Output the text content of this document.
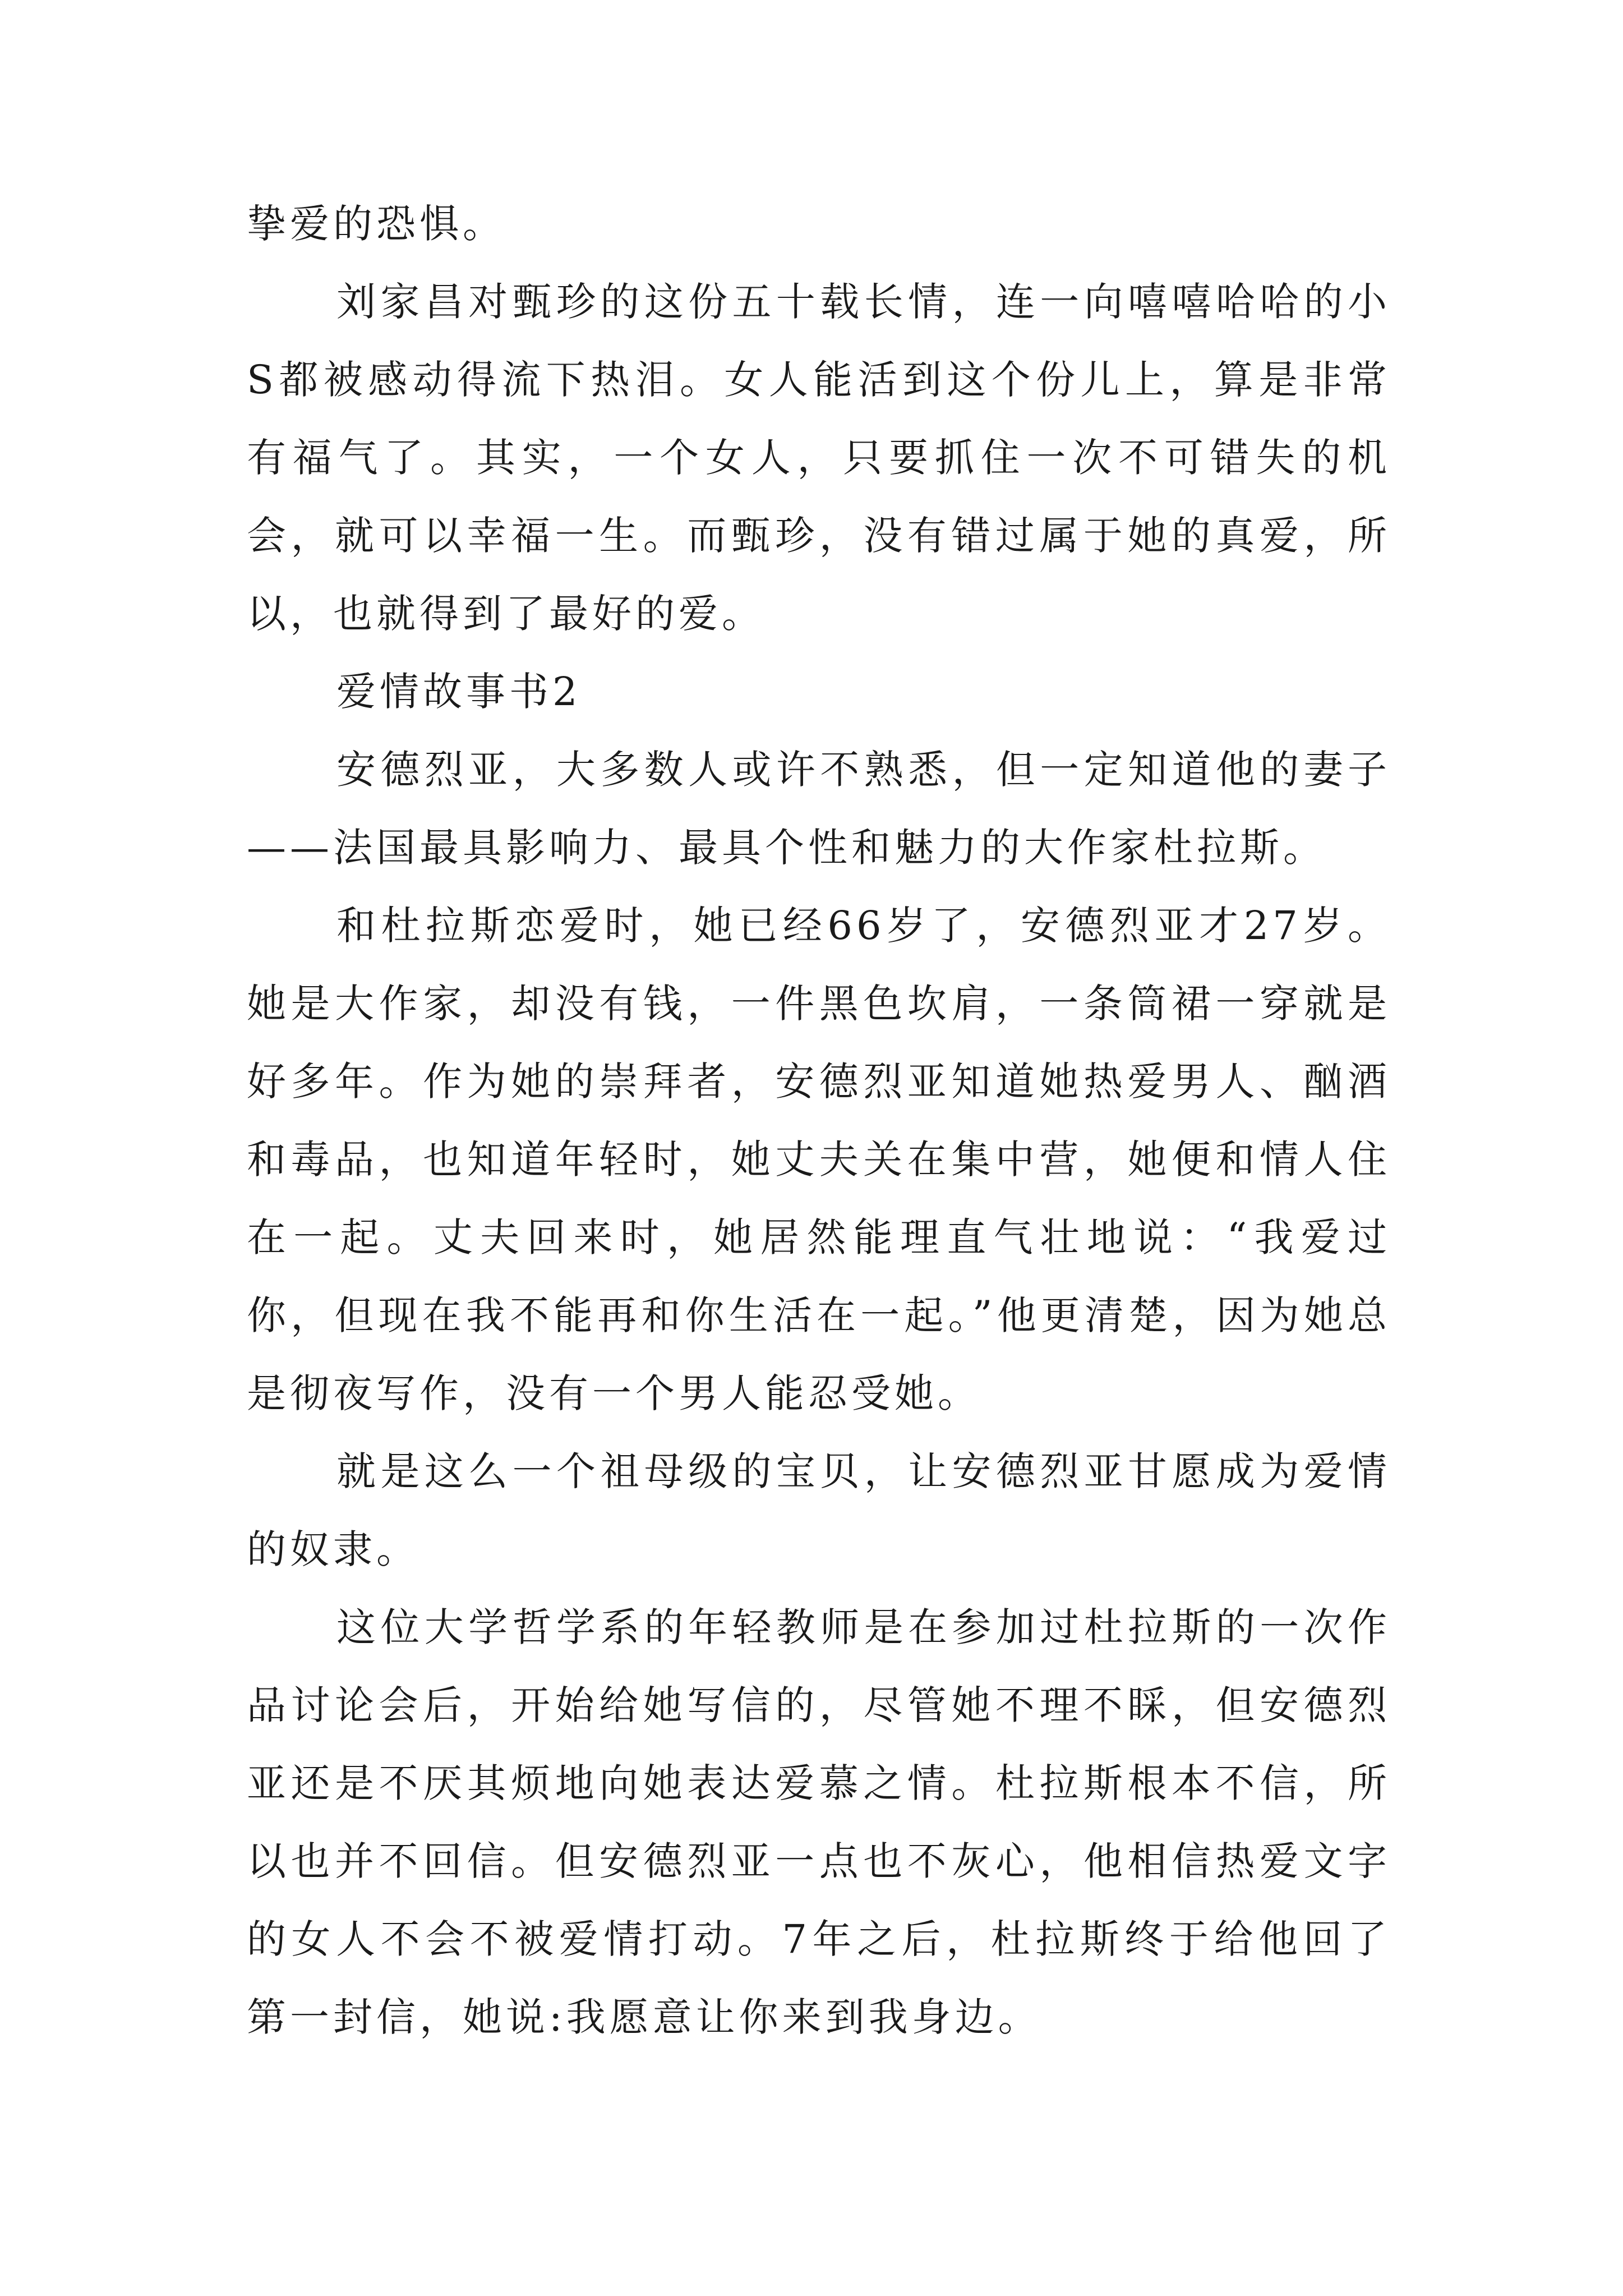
挚爱的恐惧。

刘家昌对甄珍的这份五十载长情，连一向嘻嘻哈哈的小S都被感动得流下热泪。女人能活到这个份儿上，算是非常有福气了。其实，一个女人，只要抓住一次不可错失的机会，就可以幸福一生。而甄珍，没有错过属于她的真爱，所以，也就得到了最好的爱。

爱情故事书2

安德烈亚，大多数人或许不熟悉，但一定知道他的妻子——法国最具影响力、最具个性和魅力的大作家杜拉斯。

和杜拉斯恋爱时，她已经66岁了，安德烈亚才27岁。她是大作家，却没有钱，一件黑色坎肩，一条筒裙一穿就是好多年。作为她的崇拜者，安德烈亚知道她热爱男人、酗酒和毒品，也知道年轻时，她丈夫关在集中营，她便和情人住在一起。丈夫回来时，她居然能理直气壮地说：“我爱过你，但现在我不能再和你生活在一起。”他更清楚，因为她总是彻夜写作，没有一个男人能忍受她。

就是这么一个祖母级的宝贝，让安德烈亚甘愿成为爱情的奴隶。

这位大学哲学系的年轻教师是在参加过杜拉斯的一次作品讨论会后，开始给她写信的，尽管她不理不睬，但安德烈亚还是不厌其烦地向她表达爱慕之情。杜拉斯根本不信，所以也并不回信。但安德烈亚一点也不灰心，他相信热爱文字的女人不会不被爱情打动。7年之后，杜拉斯终于给他回了第一封信，她说:我愿意让你来到我身边。
